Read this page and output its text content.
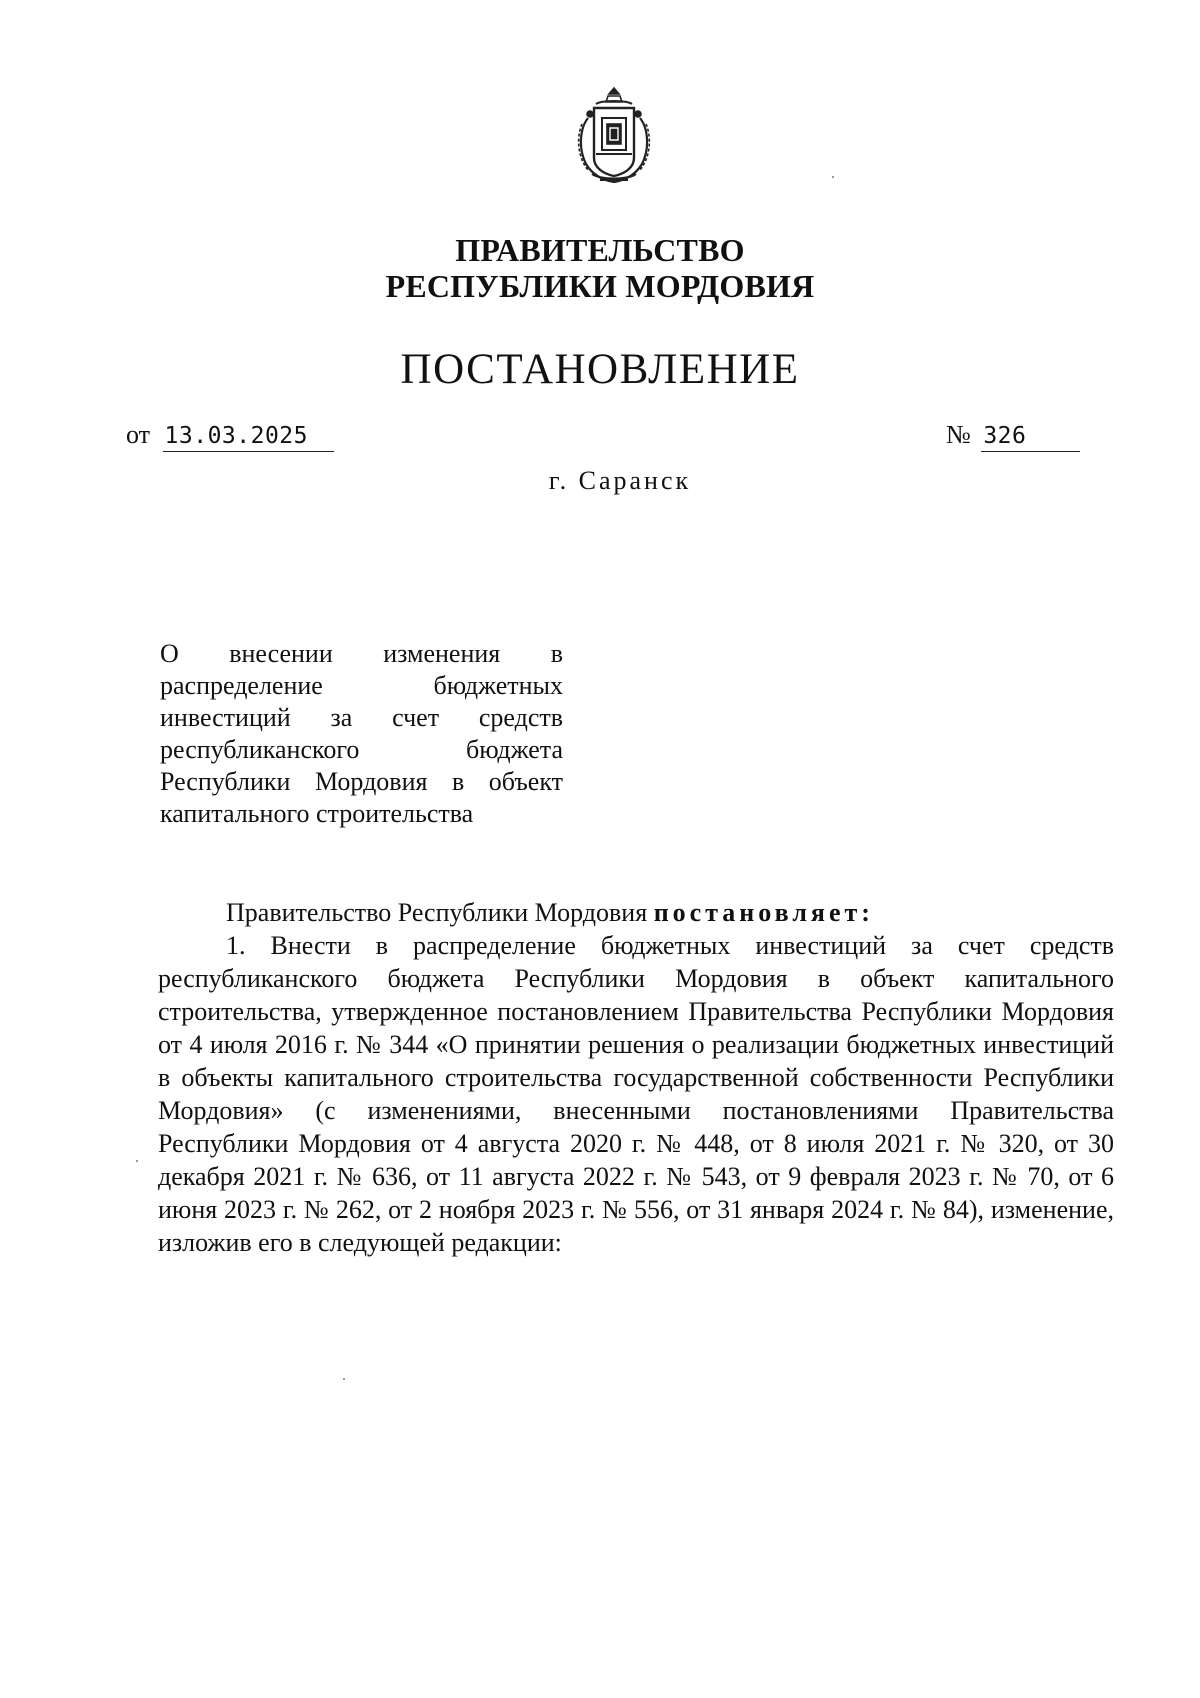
ПРАВИТЕЛЬСТВО
РЕСПУБЛИКИ МОРДОВИЯ
ПОСТАНОВЛЕНИЕ
от 13.03.2025	№ 326
г. Саранск
О внесении изменения в распределение бюджетных инвестиций за счет средств республиканского бюджета Республики Мордовия в объект капитального строительства

Правительство Республики Мордовия постановляет:

1. Внести в распределение бюджетных инвестиций за счет средств республиканского бюджета Республики Мордовия в объект капитального строительства, утвержденное постановлением Правительства Республики Мордовия от 4 июля 2016 г. № 344 «О принятии решения о реализации бюджетных инвестиций в объекты капитального строительства государственной собственности Республики Мордовия» (с изменениями, внесенными постановлениями Правительства Республики Мордовия от 4 августа 2020 г. № 448, от 8 июля 2021 г. № 320, от 30 декабря 2021 г. № 636, от 11 августа 2022 г. № 543, от 9 февраля 2023 г. № 70, от 6 июня 2023 г. № 262, от 2 ноября 2023 г. № 556, от 31 января 2024 г. № 84), изменение, изложив его в следующей редакции:
